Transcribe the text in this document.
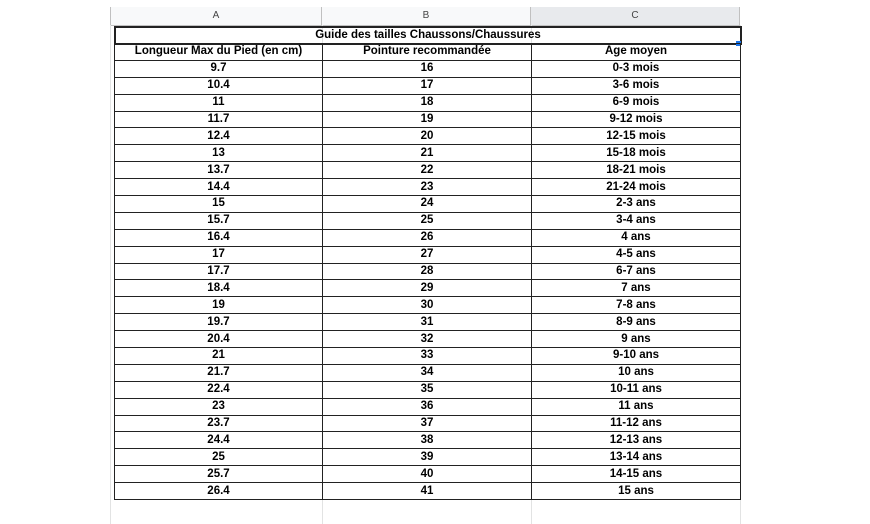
A	B	C
Guide des tailles Chaussons/Chaussures
Longueur Max du Pied (en cm)	Pointure recommandée	Age moyen
9.7	16	0-3 mois
10.4	17	3-6 mois
11	18	6-9 mois
11.7	19	9-12 mois
12.4	20	12-15 mois
13	21	15-18 mois
13.7	22	18-21 mois
14.4	23	21-24 mois
15	24	2-3 ans
15.7	25	3-4 ans
16.4	26	4 ans
17	27	4-5 ans
17.7	28	6-7 ans
18.4	29	7 ans
19	30	7-8 ans
19.7	31	8-9 ans
20.4	32	9 ans
21	33	9-10 ans
21.7	34	10 ans
22.4	35	10-11 ans
23	36	11 ans
23.7	37	11-12 ans
24.4	38	12-13 ans
25	39	13-14 ans
25.7	40	14-15 ans
26.4	41	15 ans
